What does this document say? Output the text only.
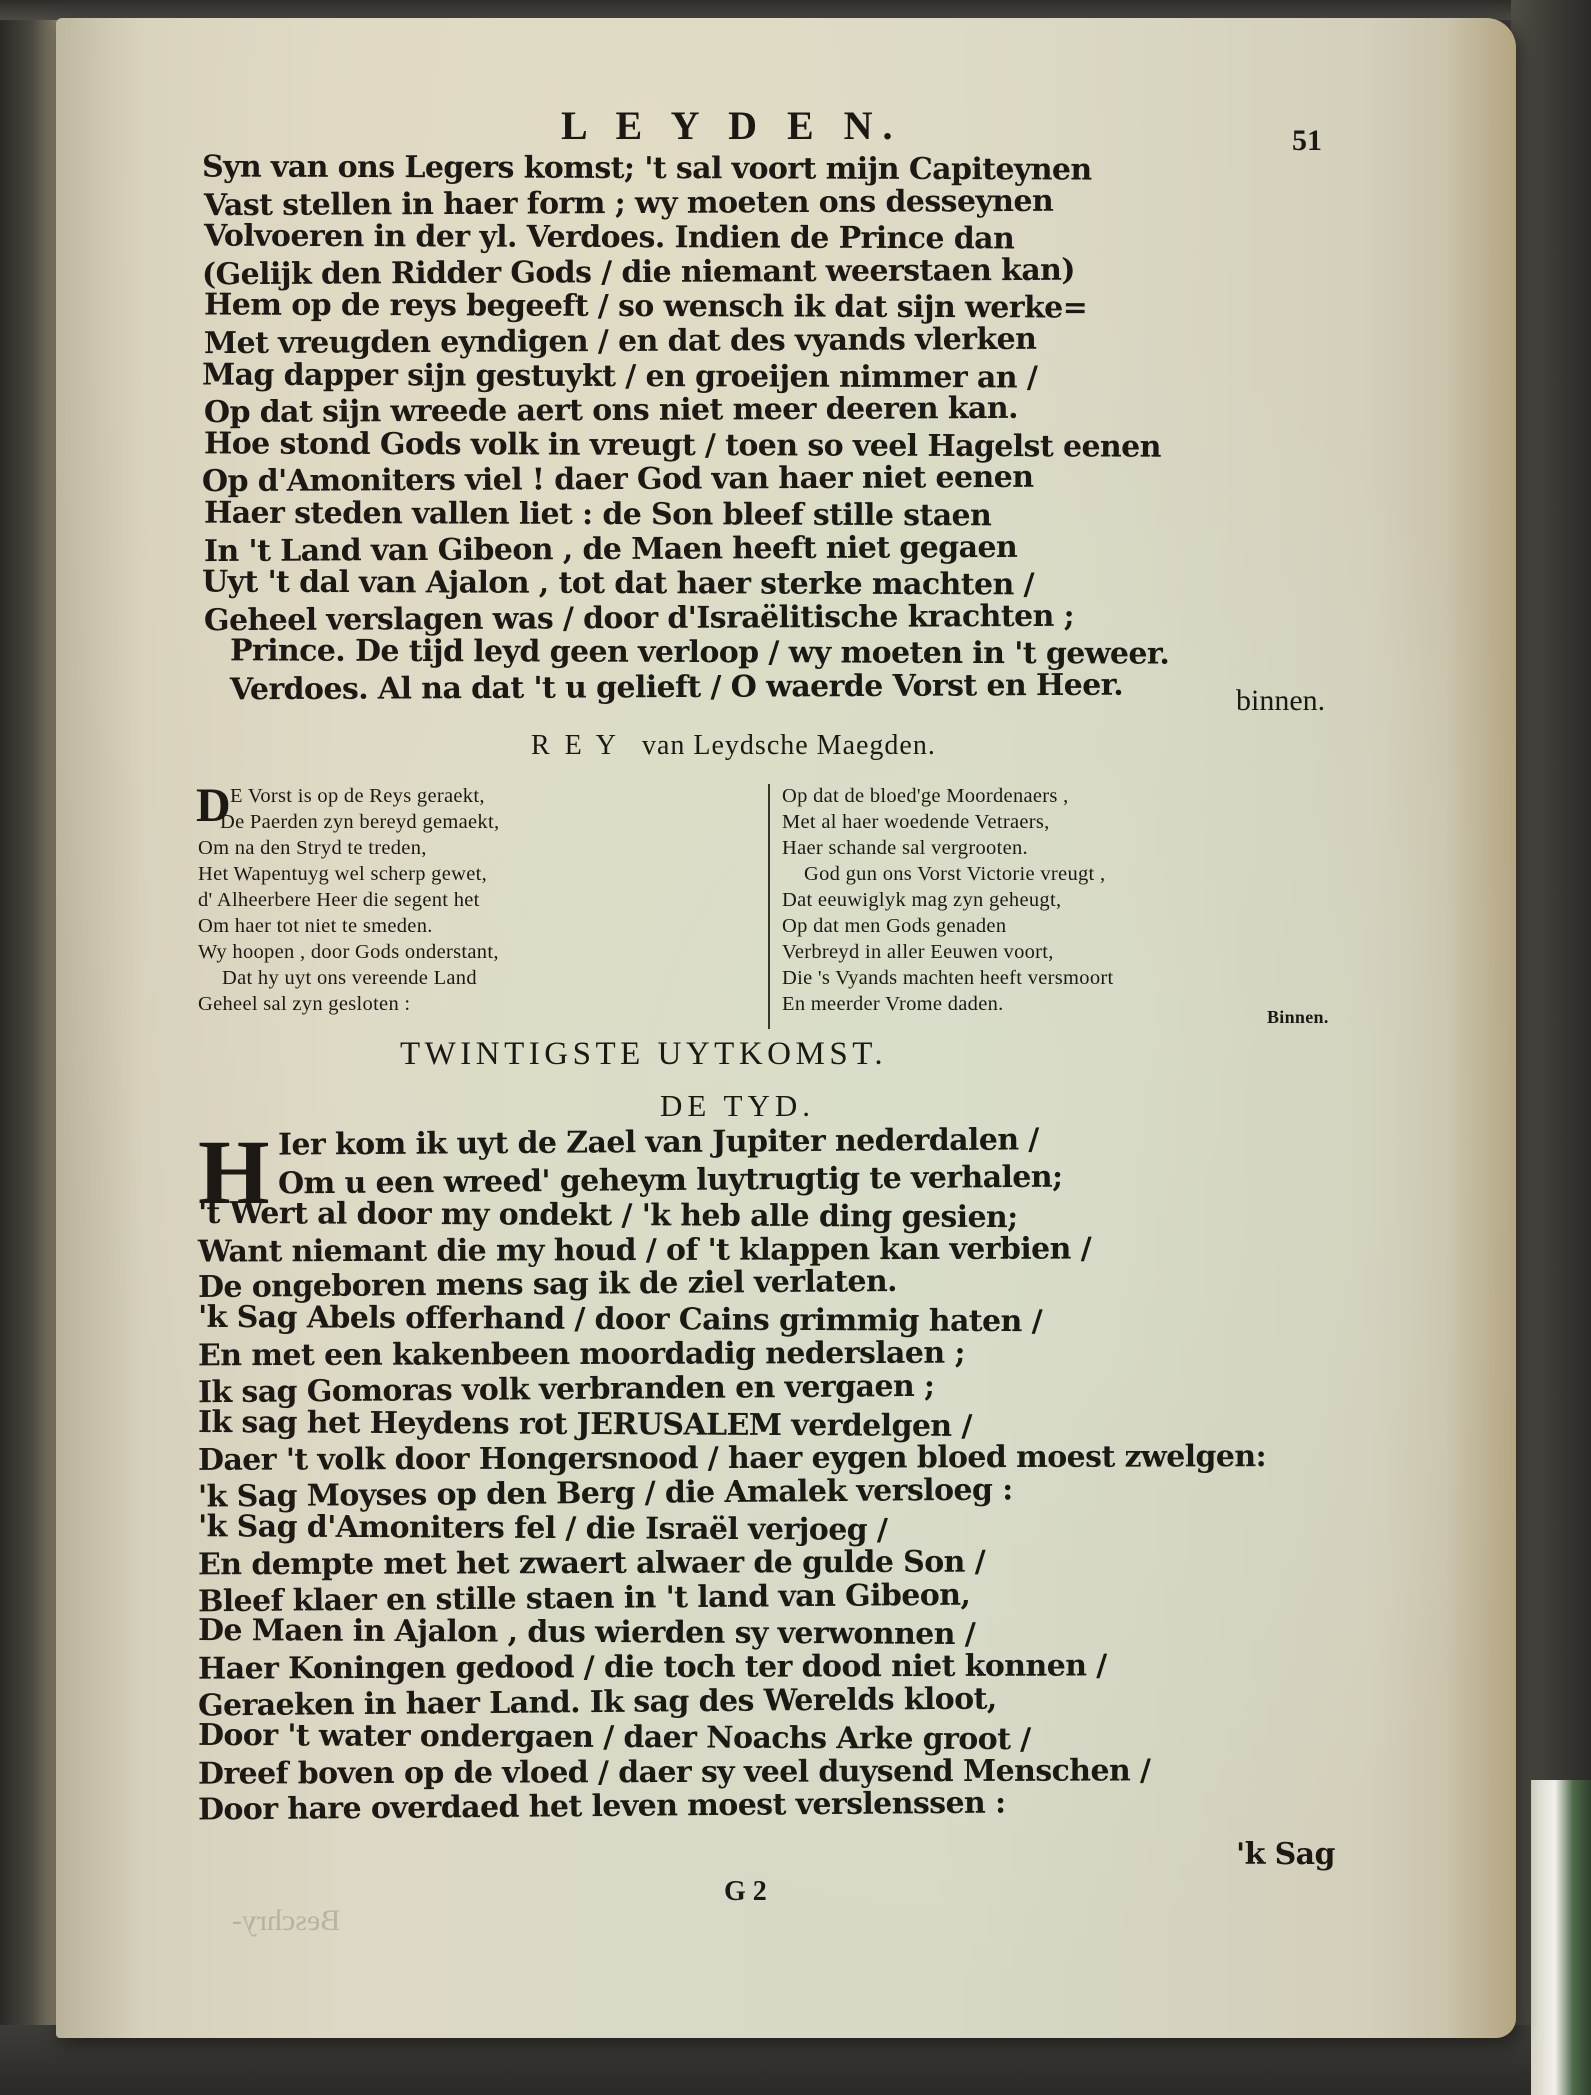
L E Y D E N.	51
Syn van ons Legers komst; 't sal voort mijn Capiteynen
Vast stellen in haer form ; wy moeten ons desseynen
Volvoeren in der yl. Verdoes. Indien de Prince dan
(Gelijk den Ridder Gods / die niemant weerstaen kan)
Hem op de reys begeeft / so wensch ik dat sijn werke=
Met vreugden eyndigen / en dat des vyands vlerken
Mag dapper sijn gestuykt / en groeijen nimmer an /
Op dat sijn wreede aert ons niet meer deeren kan.
Hoe stond Gods volk in vreugt / toen so veel Hagelst eenen
Op d'Amoniters viel ! daer God van haer niet eenen
Haer steden vallen liet : de Son bleef stille staen
In 't Land van Gibeon , de Maen heeft niet gegaen
Uyt 't dal van Ajalon , tot dat haer sterke machten /
Geheel verslagen was / door d'Israëlitische krachten ;
Prince. De tijd leyd geen verloop / wy moeten in 't geweer.
Verdoes. Al na dat 't u gelieft / O waerde Vorst en Heer.	binnen.
R E Y van Leydsche Maegden.
D E Vorst is op de Reys geraekt,
De Paerden zyn bereyd gemaekt,
Om na den Stryd te treden,
Het Wapentuyg wel scherp gewet,
d' Alheerbere Heer die segent het
Om haer tot niet te smeden.
Wy hoopen , door Gods onderstant,
Dat hy uyt ons vereende Land
Geheel sal zyn gesloten :
Op dat de bloed'ge Moordenaers ,
Met al haer woedende Vetraers,
Haer schande sal vergrooten.
God gun ons Vorst Victorie vreugt ,
Dat eeuwiglyk mag zyn geheugt,
Op dat men Gods genaden
Verbreyd in aller Eeuwen voort,
Die 's Vyands machten heeft versmoort
En meerder Vrome daden.
Binnen.
TWINTIGSTE UYTKOMST.
DE TYD.
H Ier kom ik uyt de Zael van Jupiter nederdalen /
Om u een wreed' geheym luytrugtig te verhalen;
't Wert al door my ondekt / 'k heb alle ding gesien;
Want niemant die my houd / of 't klappen kan verbien /
De ongeboren mens sag ik de ziel verlaten.
'k Sag Abels offerhand / door Cains grimmig haten /
En met een kakenbeen moordadig nederslaen ;
Ik sag Gomoras volk verbranden en vergaen ;
Ik sag het Heydens rot JERUSALEM verdelgen /
Daer 't volk door Hongersnood / haer eygen bloed moest zwelgen:
'k Sag Moyses op den Berg / die Amalek versloeg :
'k Sag d'Amoniters fel / die Israël verjoeg /
En dempte met het zwaert alwaer de gulde Son /
Bleef klaer en stille staen in 't land van Gibeon,
De Maen in Ajalon , dus wierden sy verwonnen /
Haer Koningen gedood / die toch ter dood niet konnen /
Geraeken in haer Land. Ik sag des Werelds kloot,
Door 't water ondergaen / daer Noachs Arke groot /
Dreef boven op de vloed / daer sy veel duysend Menschen /
Door hare overdaed het leven moest verslenssen :
'k Sag
G 2
Beschry-
